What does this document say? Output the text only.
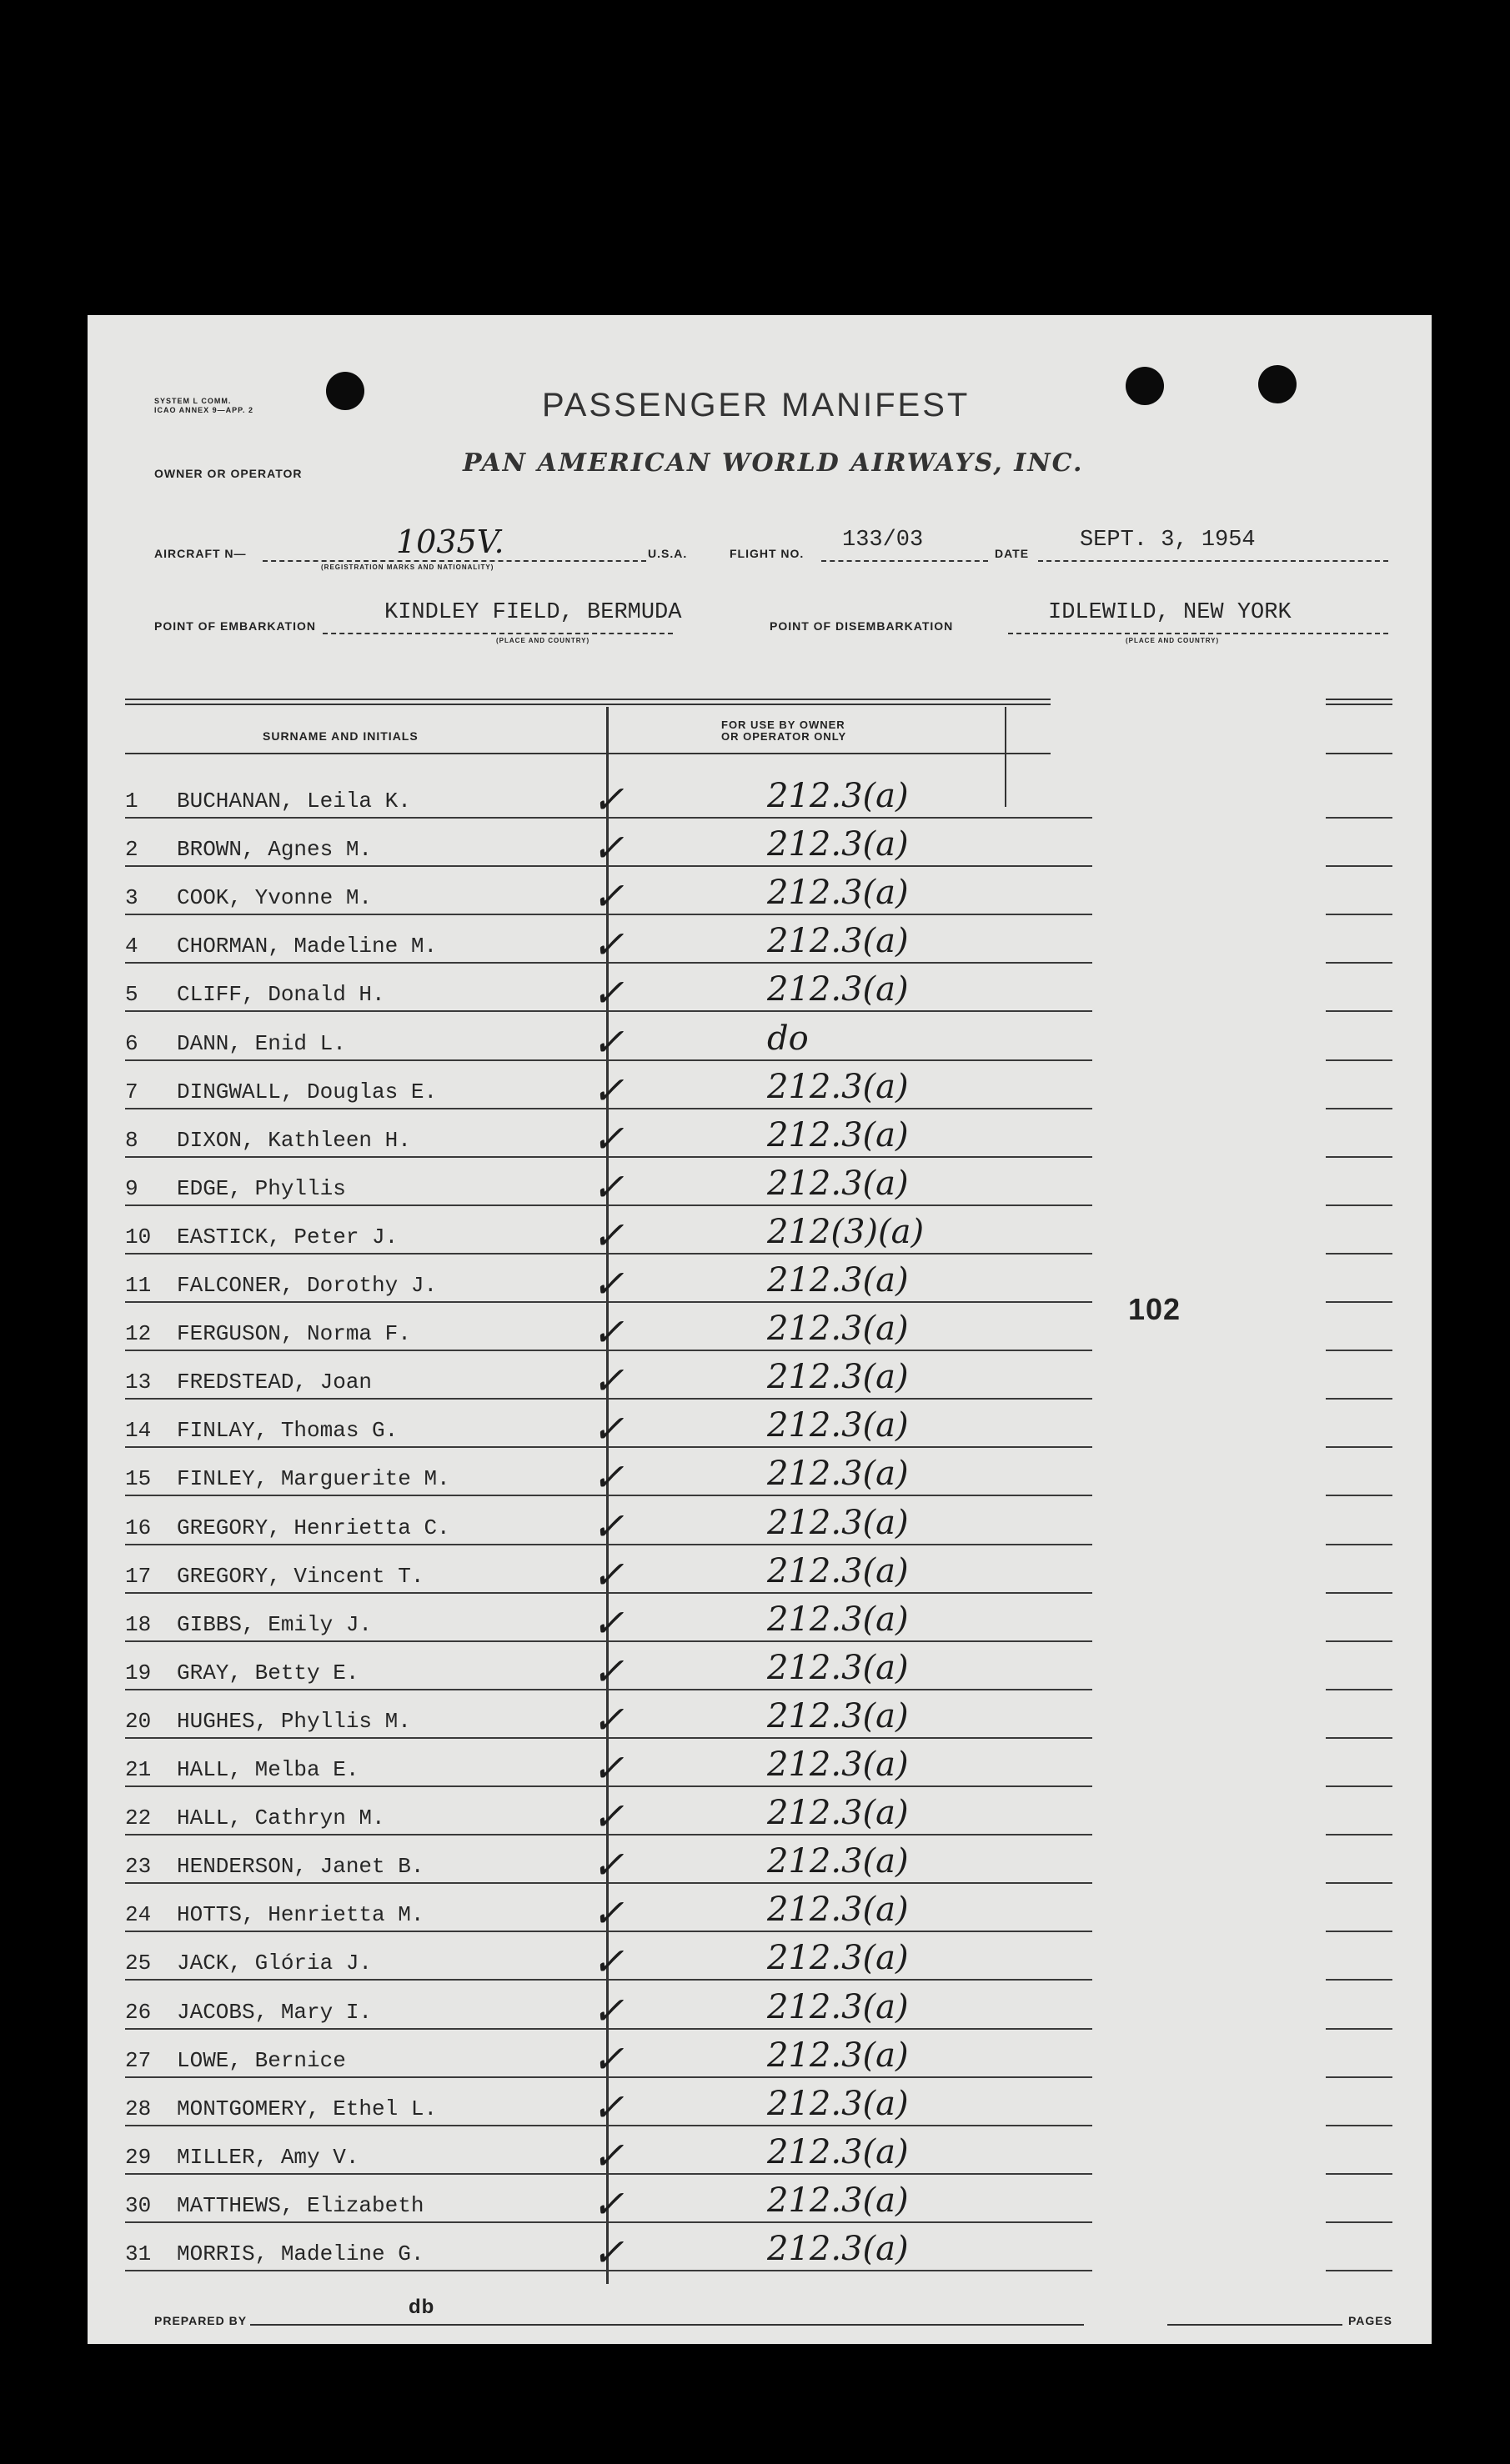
SYSTEM L COMM.
ICAO ANNEX 9—APP. 2	PASSENGER MANIFEST
OWNER OR OPERATOR	PAN AMERICAN WORLD AIRWAYS, INC.
AIRCRAFT N—	1035V.
(REGISTRATION MARKS AND NATIONALITY)
U.S.A.	FLIGHT NO.
133/03
DATE
SEPT. 3, 1954
POINT OF EMBARKATION
KINDLEY FIELD, BERMUDA
(PLACE AND COUNTRY)
POINT OF DISEMBARKATION
IDLEWILD, NEW YORK
(PLACE AND COUNTRY)
SURNAME AND INITIALS
FOR USE BY OWNER
OR OPERATOR ONLY
1	BUCHANAN, Leila K.	✓	212.3(a)
2	BROWN, Agnes M.	✓	212.3(a)
3	COOK, Yvonne M.	✓	212.3(a)
4	CHORMAN, Madeline M.	✓	212.3(a)
5	CLIFF, Donald H.	✓	212.3(a)
6	DANN, Enid L.	✓	do
7	DINGWALL, Douglas E.	✓	212.3(a)
8	DIXON, Kathleen H.	✓	212.3(a)
9	EDGE, Phyllis	✓	212.3(a)
10	EASTICK, Peter J.	✓	212(3)(a)
11	FALCONER, Dorothy J.	✓	212.3(a)
12	FERGUSON, Norma F.	✓	212.3(a)
13	FREDSTEAD, Joan	✓	212.3(a)
14	FINLAY, Thomas G.	✓	212.3(a)
15	FINLEY, Marguerite M.	✓	212.3(a)
16	GREGORY, Henrietta C.	✓	212.3(a)
17	GREGORY, Vincent T.	✓	212.3(a)
18	GIBBS, Emily J.	✓	212.3(a)
19	GRAY, Betty E.	✓	212.3(a)
20	HUGHES, Phyllis M.	✓	212.3(a)
21	HALL, Melba E.	✓	212.3(a)
22	HALL, Cathryn M.	✓	212.3(a)
23	HENDERSON, Janet B.	✓	212.3(a)
24	HOTTS, Henrietta M.	✓	212.3(a)
25	JACK, Glória J.	✓	212.3(a)
26	JACOBS, Mary I.	✓	212.3(a)
27	LOWE, Bernice	✓	212.3(a)
28	MONTGOMERY, Ethel L.	✓	212.3(a)
29	MILLER, Amy V.	✓	212.3(a)
30	MATTHEWS, Elizabeth	✓	212.3(a)
31	MORRIS, Madeline G.	✓	212.3(a)
102
PREPARED BY
db
PAGES
